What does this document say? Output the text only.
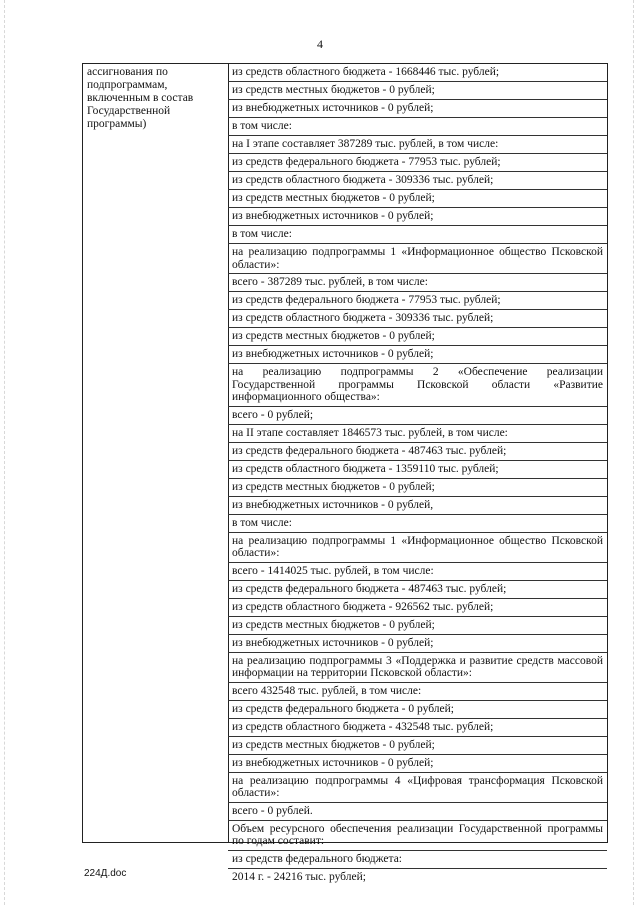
4
ассигнования по подпрограммам, включенным в состав Государственной программы)
из средств областного бюджета - 1668446 тыс. рублей;
из средств местных бюджетов - 0 рублей;
из внебюджетных источников - 0 рублей;
в том числе:
на I этапе составляет 387289 тыс. рублей, в том числе:
из средств федерального бюджета - 77953 тыс. рублей;
из средств областного бюджета - 309336 тыс. рублей;
из средств местных бюджетов - 0 рублей;
из внебюджетных источников - 0 рублей;
в том числе:
на реализацию подпрограммы 1 «Информационное общество Псковской области»:
всего - 387289 тыс. рублей, в том числе:
из средств федерального бюджета - 77953 тыс. рублей;
из средств областного бюджета - 309336 тыс. рублей;
из средств местных бюджетов - 0 рублей;
из внебюджетных источников - 0 рублей;
на реализацию подпрограммы 2 «Обеспечение реализации Государственной программы Псковской области «Развитие информационного общества»:
всего - 0 рублей;
на II этапе составляет 1846573 тыс. рублей, в том числе:
из средств федерального бюджета - 487463 тыс. рублей;
из средств областного бюджета - 1359110 тыс. рублей;
из средств местных бюджетов - 0 рублей;
из внебюджетных источников - 0 рублей,
в том числе:
на реализацию подпрограммы 1 «Информационное общество Псковской области»:
всего - 1414025 тыс. рублей, в том числе:
из средств федерального бюджета - 487463 тыс. рублей;
из средств областного бюджета - 926562 тыс. рублей;
из средств местных бюджетов - 0 рублей;
из внебюджетных источников - 0 рублей;
на реализацию подпрограммы 3 «Поддержка и развитие средств массовой информации на территории Псковской области»:
всего 432548 тыс. рублей, в том числе:
из средств федерального бюджета - 0 рублей;
из средств областного бюджета - 432548 тыс. рублей;
из средств местных бюджетов - 0 рублей;
из внебюджетных источников - 0 рублей;
на реализацию подпрограммы 4 «Цифровая трансформация Псковской области»:
всего - 0 рублей.
Объем ресурсного обеспечения реализации Государственной программы по годам составит:
из средств федерального бюджета:
2014 г. - 24216 тыс. рублей;
224Д.doc
